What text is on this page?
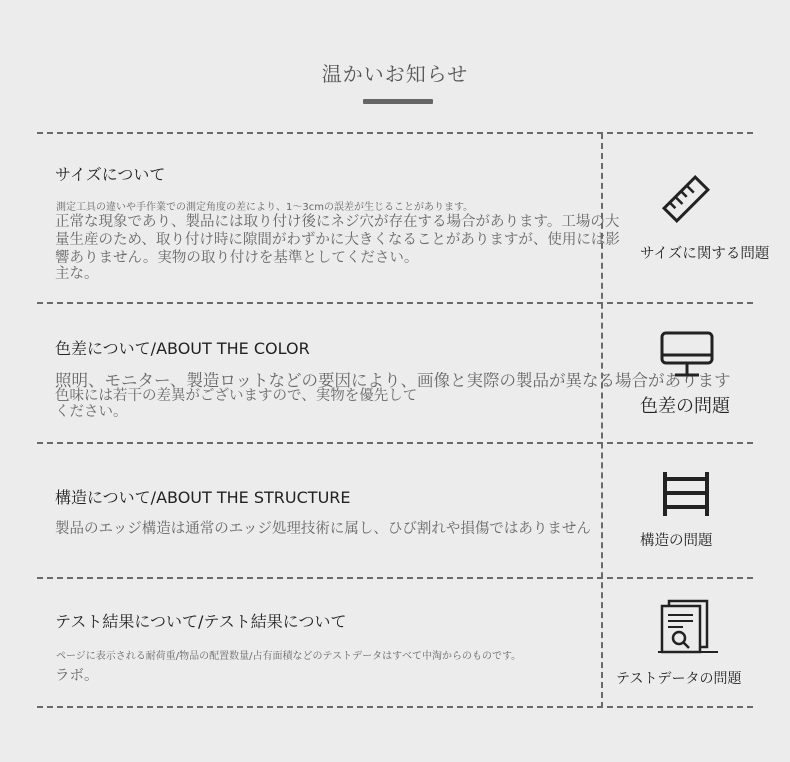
温かいお知らせ
サイズについて
測定工具の違いや手作業での測定角度の差により、1～3cmの誤差が生じることがあります。
正常な現象であり、製品には取り付け後にネジ穴が存在する場合があります。工場の大
量生産のため、取り付け時に隙間がわずかに大きくなることがありますが、使用には影
響ありません。実物の取り付けを基準としてください。
主な。
サイズに関する問題
色差について/ABOUT THE COLOR
照明、モニター、製造ロットなどの要因により、画像と実際の製品が異なる場合があります
色味には若干の差異がございますので、実物を優先して
ください。	色差の問題
構造について/ABOUT THE STRUCTURE
製品のエッジ構造は通常のエッジ処理技術に属し、ひび割れや損傷ではありません
構造の問題
テスト結果について/テスト結果について
ページに表示される耐荷重/物品の配置数量/占有面積などのテストデータはすべて中淘からのものです。
ラボ。	テストデータの問題
